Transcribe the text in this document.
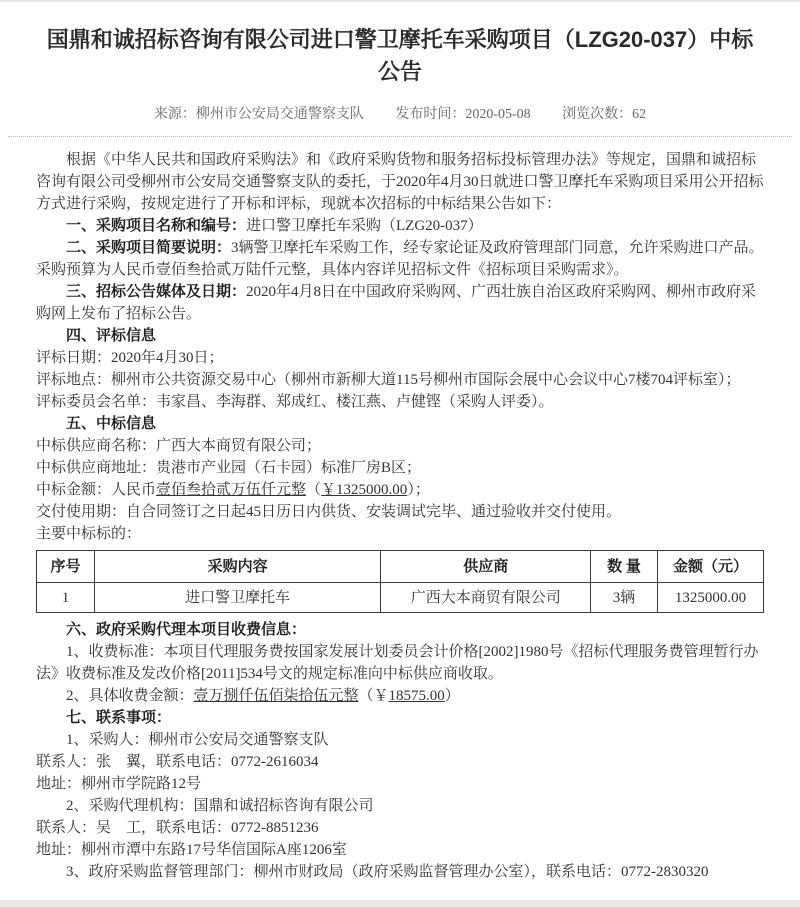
国鼎和诚招标咨询有限公司进口警卫摩托车采购项目（LZG20-037）中标公告
来源：柳州市公安局交通警察支队 发布时间：2020-05-08 浏览次数：62

根据《中华人民共和国政府采购法》和《政府采购货物和服务招标投标管理办法》等规定，国鼎和诚招标咨询有限公司受柳州市公安局交通警察支队的委托，于2020年4月30日就进口警卫摩托车采购项目采用公开招标方式进行采购，按规定进行了开标和评标，现就本次招标的中标结果公告如下：

一、采购项目名称和编号：进口警卫摩托车采购（LZG20-037）

二、采购项目简要说明：3辆警卫摩托车采购工作，经专家论证及政府管理部门同意，允许采购进口产品。采购预算为人民币壹佰叁拾贰万陆仟元整，具体内容详见招标文件《招标项目采购需求》。

三、招标公告媒体及日期：2020年4月8日在中国政府采购网、广西壮族自治区政府采购网、柳州市政府采购网上发布了招标公告。

四、评标信息

评标日期：2020年4月30日；

评标地点：柳州市公共资源交易中心（柳州市新柳大道115号柳州市国际会展中心会议中心7楼704评标室）；

评标委员会名单：韦家昌、李海群、郑成红、楼江燕、卢健铿（采购人评委）。

五、中标信息

中标供应商名称：广西大本商贸有限公司；

中标供应商地址：贵港市产业园（石卡园）标准厂房B区；

中标金额：人民币壹佰叁拾贰万伍仟元整（￥1325000.00）；

交付使用期：自合同签订之日起45日历日内供货、安装调试完毕、通过验收并交付使用。

主要中标标的：

序号	采购内容	供应商	数 量	金额（元）
1	进口警卫摩托车	广西大本商贸有限公司	3辆	1325000.00

六、政府采购代理本项目收费信息：

1、收费标准：本项目代理服务费按国家发展计划委员会计价格[2002]1980号《招标代理服务费管理暂行办法》收费标准及发改价格[2011]534号文的规定标准向中标供应商收取。

2、具体收费金额：壹万捌仟伍佰柒拾伍元整（￥18575.00）

七、联系事项：

1、采购人：柳州市公安局交通警察支队

联系人：张　翼，联系电话：0772-2616034

地址：柳州市学院路12号

2、采购代理机构：国鼎和诚招标咨询有限公司

联系人：吴　工，联系电话：0772-8851236

地址：柳州市潭中东路17号华信国际A座1206室

3、政府采购监督管理部门：柳州市财政局（政府采购监督管理办公室），联系电话：0772-2830320
